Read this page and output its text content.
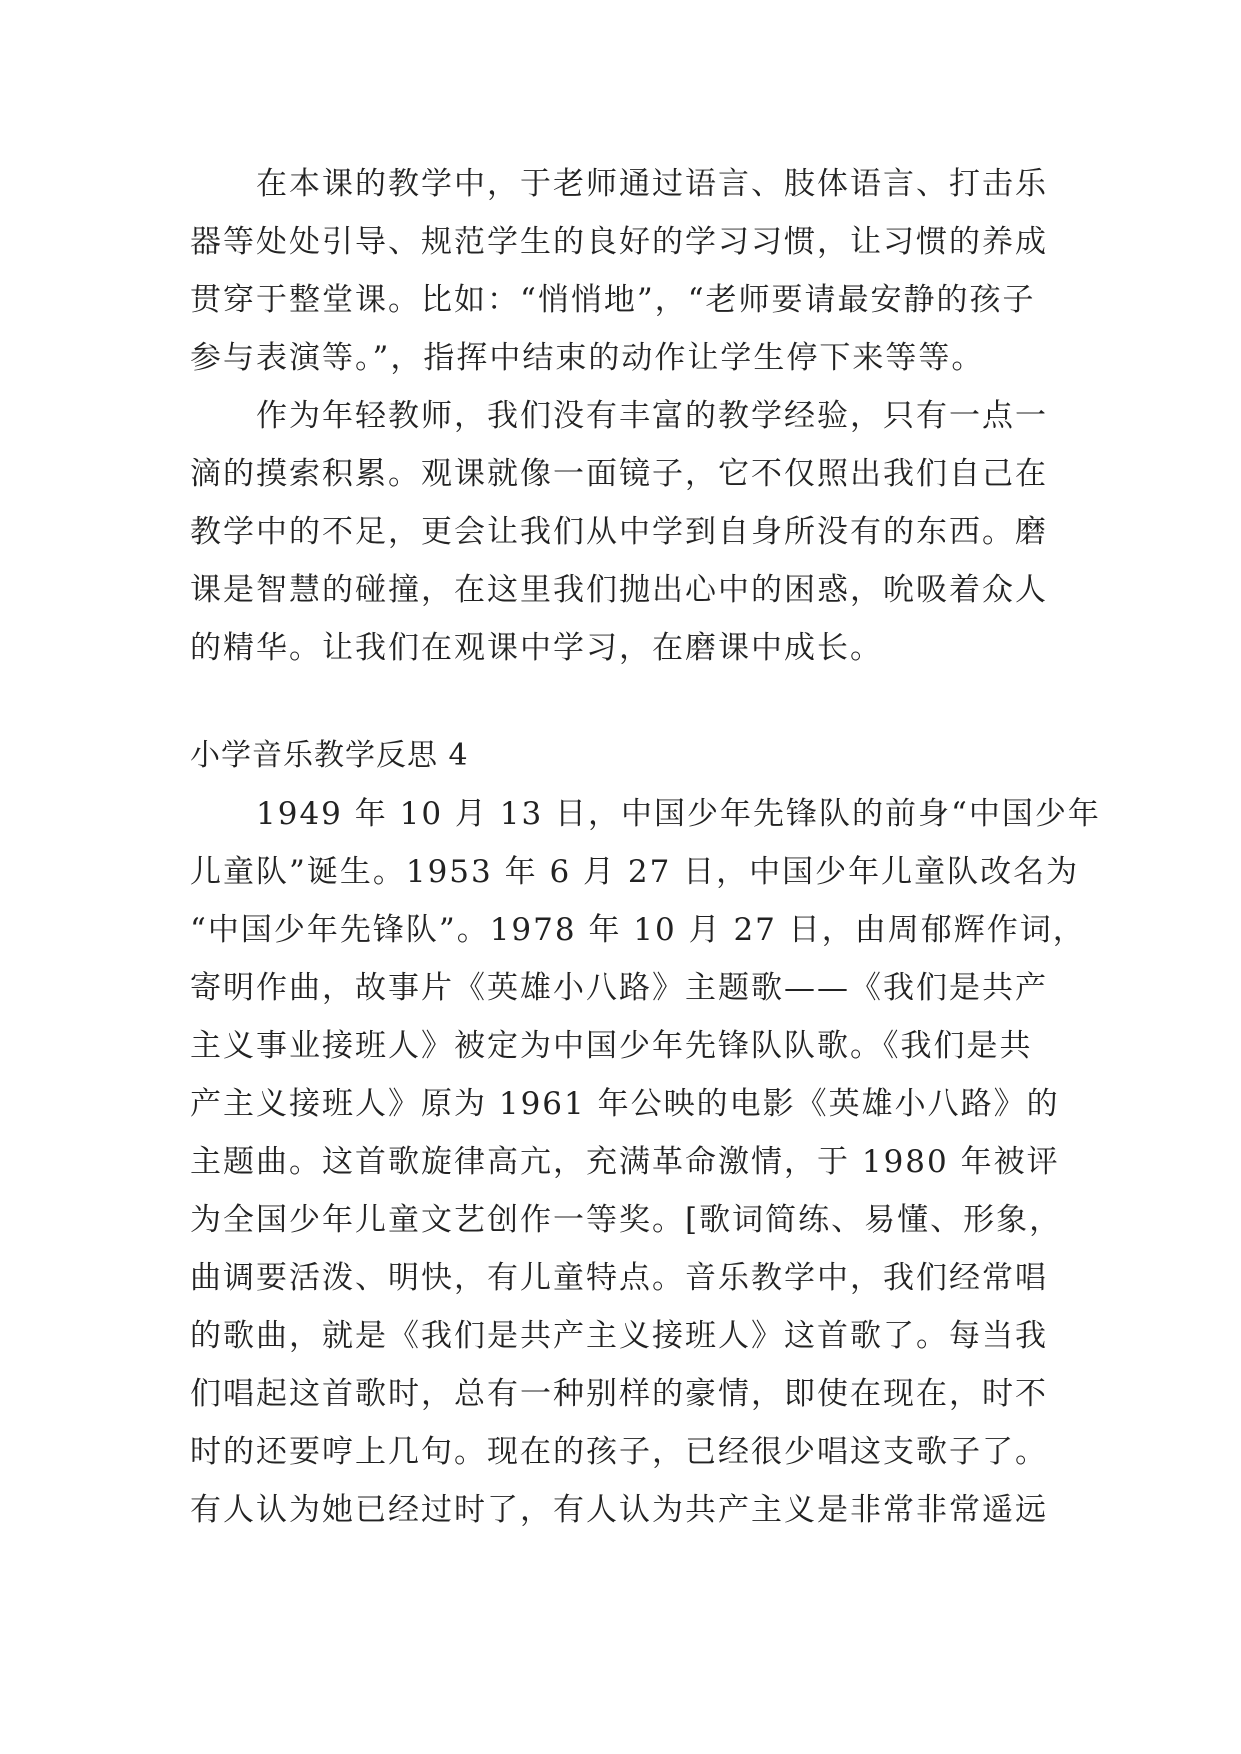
在本课的教学中，于老师通过语言、肢体语言、打击乐
器等处处引导、规范学生的良好的学习习惯，让习惯的养成
贯穿于整堂课。比如：“悄悄地”，“老师要请最安静的孩子
参与表演等。”，指挥中结束的动作让学生停下来等等。
作为年轻教师，我们没有丰富的教学经验，只有一点一
滴的摸索积累。观课就像一面镜子，它不仅照出我们自己在
教学中的不足，更会让我们从中学到自身所没有的东西。磨
课是智慧的碰撞，在这里我们抛出心中的困惑，吮吸着众人
的精华。让我们在观课中学习，在磨课中成长。
小学音乐教学反思 4
1949 年 10 月 13 日，中国少年先锋队的前身“中国少年
儿童队”诞生。1953 年 6 月 27 日，中国少年儿童队改名为
“中国少年先锋队”。1978 年 10 月 27 日，由周郁辉作词，
寄明作曲，故事片《英雄小八路》主题歌——《我们是共产
主义事业接班人》被定为中国少年先锋队队歌。《我们是共
产主义接班人》原为 1961 年公映的电影《英雄小八路》的
主题曲。这首歌旋律高亢，充满革命激情，于 1980 年被评
为全国少年儿童文艺创作一等奖。[歌词简练、易懂、形象，
曲调要活泼、明快，有儿童特点。音乐教学中，我们经常唱
的歌曲，就是《我们是共产主义接班人》这首歌了。每当我
们唱起这首歌时，总有一种别样的豪情，即使在现在，时不
时的还要哼上几句。现在的孩子，已经很少唱这支歌子了。
有人认为她已经过时了，有人认为共产主义是非常非常遥远
